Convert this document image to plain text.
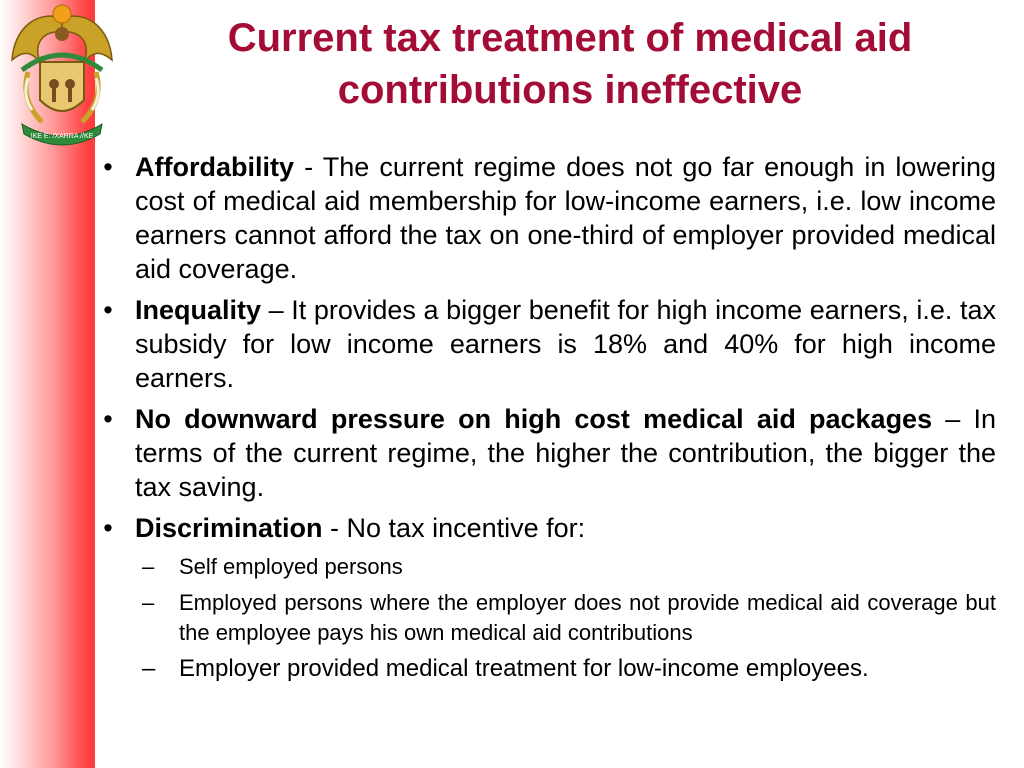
!KE E: /XARRA //KE
Current tax treatment of medical aid
contributions ineffective
• Affordability - The current regime does not go far enough in lowering cost of medical aid membership for low-income earners, i.e. low income earners cannot afford the tax on one-third of employer provided medical aid coverage.
• Inequality – It provides a bigger benefit for high income earners, i.e. tax subsidy for low income earners is 18% and 40% for high income earners.
• No downward pressure on high cost medical aid packages – In terms of the current regime, the higher the contribution, the bigger the tax saving.
• Discrimination - No tax incentive for:
– Self employed persons
– Employed persons where the employer does not provide medical aid coverage but the employee pays his own medical aid contributions
– Employer provided medical treatment for low-income employees.
